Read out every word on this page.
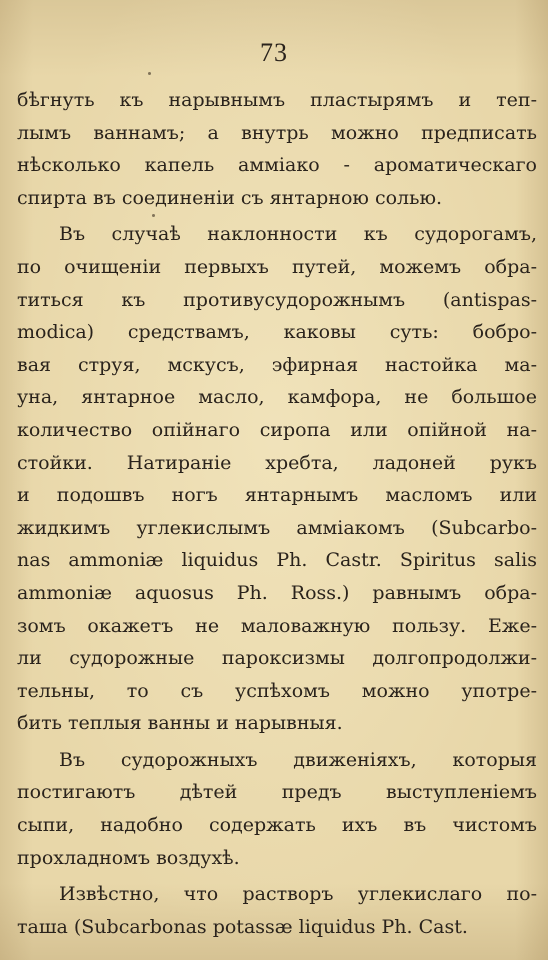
73
бѣгнуть къ нарывнымъ пластырямъ и теп-
лымъ ваннамъ; а внутрь можно предписать
нѣсколько капель амміако - ароматическаго
спирта въ соединеніи съ янтарною солью.
Въ случаѣ наклонности къ судорогамъ,
по очищеніи первыхъ путей, можемъ обра-
титься къ противусудорожнымъ (antispas-
modica) средствамъ, каковы суть: бобро-
вая струя, мскусъ, эфирная настойка ма-
уна, янтарное масло, камфора, не большое
количество опійнаго сиропа или опійной на-
стойки. Натираніе хребта, ладоней рукъ
и подошвъ ногъ янтарнымъ масломъ или
жидкимъ углекислымъ амміакомъ (Subcarbo-
nas ammoniæ liquidus Ph. Castr. Spiritus salis
ammoniæ aquosus Ph. Ross.) равнымъ обра-
зомъ окажетъ не маловажную пользу. Еже-
ли судорожные пароксизмы долгопродолжи-
тельны, то съ успѣхомъ можно употре-
бить теплыя ванны и нарывныя.
Въ судорожныхъ движеніяхъ, которыя
постигаютъ дѣтей предъ выступленіемъ
сыпи, надобно содержать ихъ въ чистомъ
прохладномъ воздухѣ.
Извѣстно, что растворъ углекислаго по-
таша (Subcarbonas potassæ liquidus Ph. Cast.
